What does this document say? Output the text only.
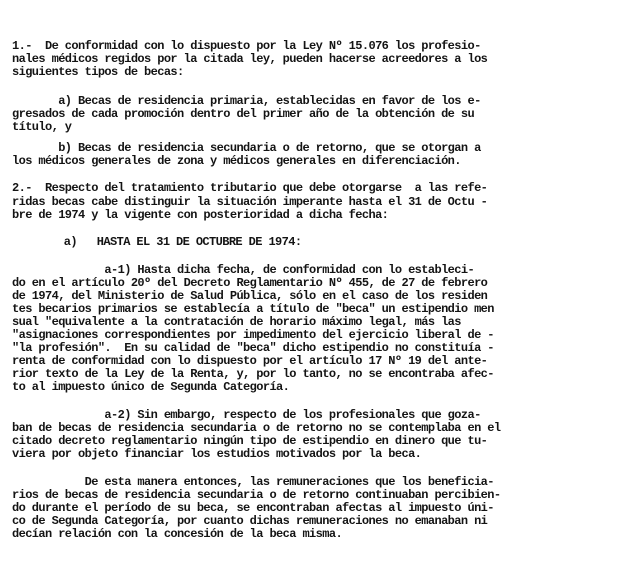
1.-  De conformidad con lo dispuesto por la Ley Nº 15.076 los profesio-
nales médicos regidos por la citada ley, pueden hacerse acreedores a los
siguientes tipos de becas:
a) Becas de residencia primaria, establecidas en favor de los e-
gresados de cada promoción dentro del primer año de la obtención de su
título, y
b) Becas de residencia secundaria o de retorno, que se otorgan a
los médicos generales de zona y médicos generales en diferenciación.
2.-  Respecto del tratamiento tributario que debe otorgarse  a las refe-
ridas becas cabe distinguir la situación imperante hasta el 31 de Octu -
bre de 1974 y la vigente con posterioridad a dicha fecha:
a)   HASTA EL 31 DE OCTUBRE DE 1974:
a-1) Hasta dicha fecha, de conformidad con lo estableci-
do en el artículo 20º del Decreto Reglamentario Nº 455, de 27 de febrero
de 1974, del Ministerio de Salud Pública, sólo en el caso de los residen
tes becarios primarios se establecía a título de "beca" un estipendio men
sual "equivalente a la contratación de horario máximo legal, más las
"asignaciones correspondientes por impedimento del ejercicio liberal de -
"la profesión".  En su calidad de "beca" dicho estipendio no constituía -
renta de conformidad con lo dispuesto por el artículo 17 Nº 19 del ante-
rior texto de la Ley de la Renta, y, por lo tanto, no se encontraba afec-
to al impuesto único de Segunda Categoría.
a-2) Sin embargo, respecto de los profesionales que goza-
ban de becas de residencia secundaria o de retorno no se contemplaba en el
citado decreto reglamentario ningún tipo de estipendio en dinero que tu-
viera por objeto financiar los estudios motivados por la beca.
De esta manera entonces, las remuneraciones que los beneficia-
rios de becas de residencia secundaria o de retorno continuaban percibien-
do durante el período de su beca, se encontraban afectas al impuesto úni-
co de Segunda Categoría, por cuanto dichas remuneraciones no emanaban ni
decían relación con la concesión de la beca misma.
